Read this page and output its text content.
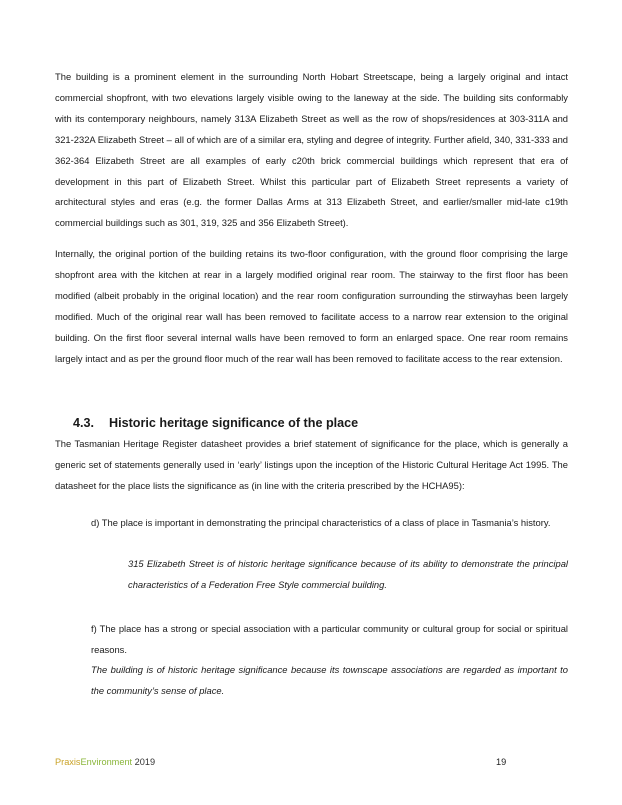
The building is a prominent element in the surrounding North Hobart Streetscape, being a largely original and intact commercial shopfront, with two elevations largely visible owing to the laneway at the side. The building sits conformably with its contemporary neighbours, namely 313A Elizabeth Street as well as the row of shops/residences at 303-311A and 321-232A Elizabeth Street – all of which are of a similar era, styling and degree of integrity. Further afield, 340, 331-333 and 362-364 Elizabeth Street are all examples of early c20th brick commercial buildings which represent that era of development in this part of Elizabeth Street. Whilst this particular part of Elizabeth Street represents a variety of architectural styles and eras (e.g. the former Dallas Arms at 313 Elizabeth Street, and earlier/smaller mid-late c19th commercial buildings such as 301, 319, 325 and 356 Elizabeth Street).

Internally, the original portion of the building retains its two-floor configuration, with the ground floor comprising the large shopfront area with the kitchen at rear in a largely modified original rear room. The stairway to the first floor has been modified (albeit probably in the original location) and the rear room configuration surrounding the stirwayhas been largely modified. Much of the original rear wall has been removed to facilitate access to a narrow rear extension to the original building. On the first floor several internal walls have been removed to form an enlarged space. One rear room remains largely intact and as per the ground floor much of the rear wall has been removed to facilitate access to the rear extension.

4.3. Historic heritage significance of the place

The Tasmanian Heritage Register datasheet provides a brief statement of significance for the place, which is generally a generic set of statements generally used in ‘early’ listings upon the inception of the Historic Cultural Heritage Act 1995. The datasheet for the place lists the significance as (in line with the criteria prescribed by the HCHA95):

d) The place is important in demonstrating the principal characteristics of a class of place in Tasmania’s history.

315 Elizabeth Street is of historic heritage significance because of its ability to demonstrate the principal characteristics of a Federation Free Style commercial building.

f) The place has a strong or special association with a particular community or cultural group for social or spiritual reasons.

The building is of historic heritage significance because its townscape associations are regarded as important to the community’s sense of place.

PraxisEnvironment 2019	19
